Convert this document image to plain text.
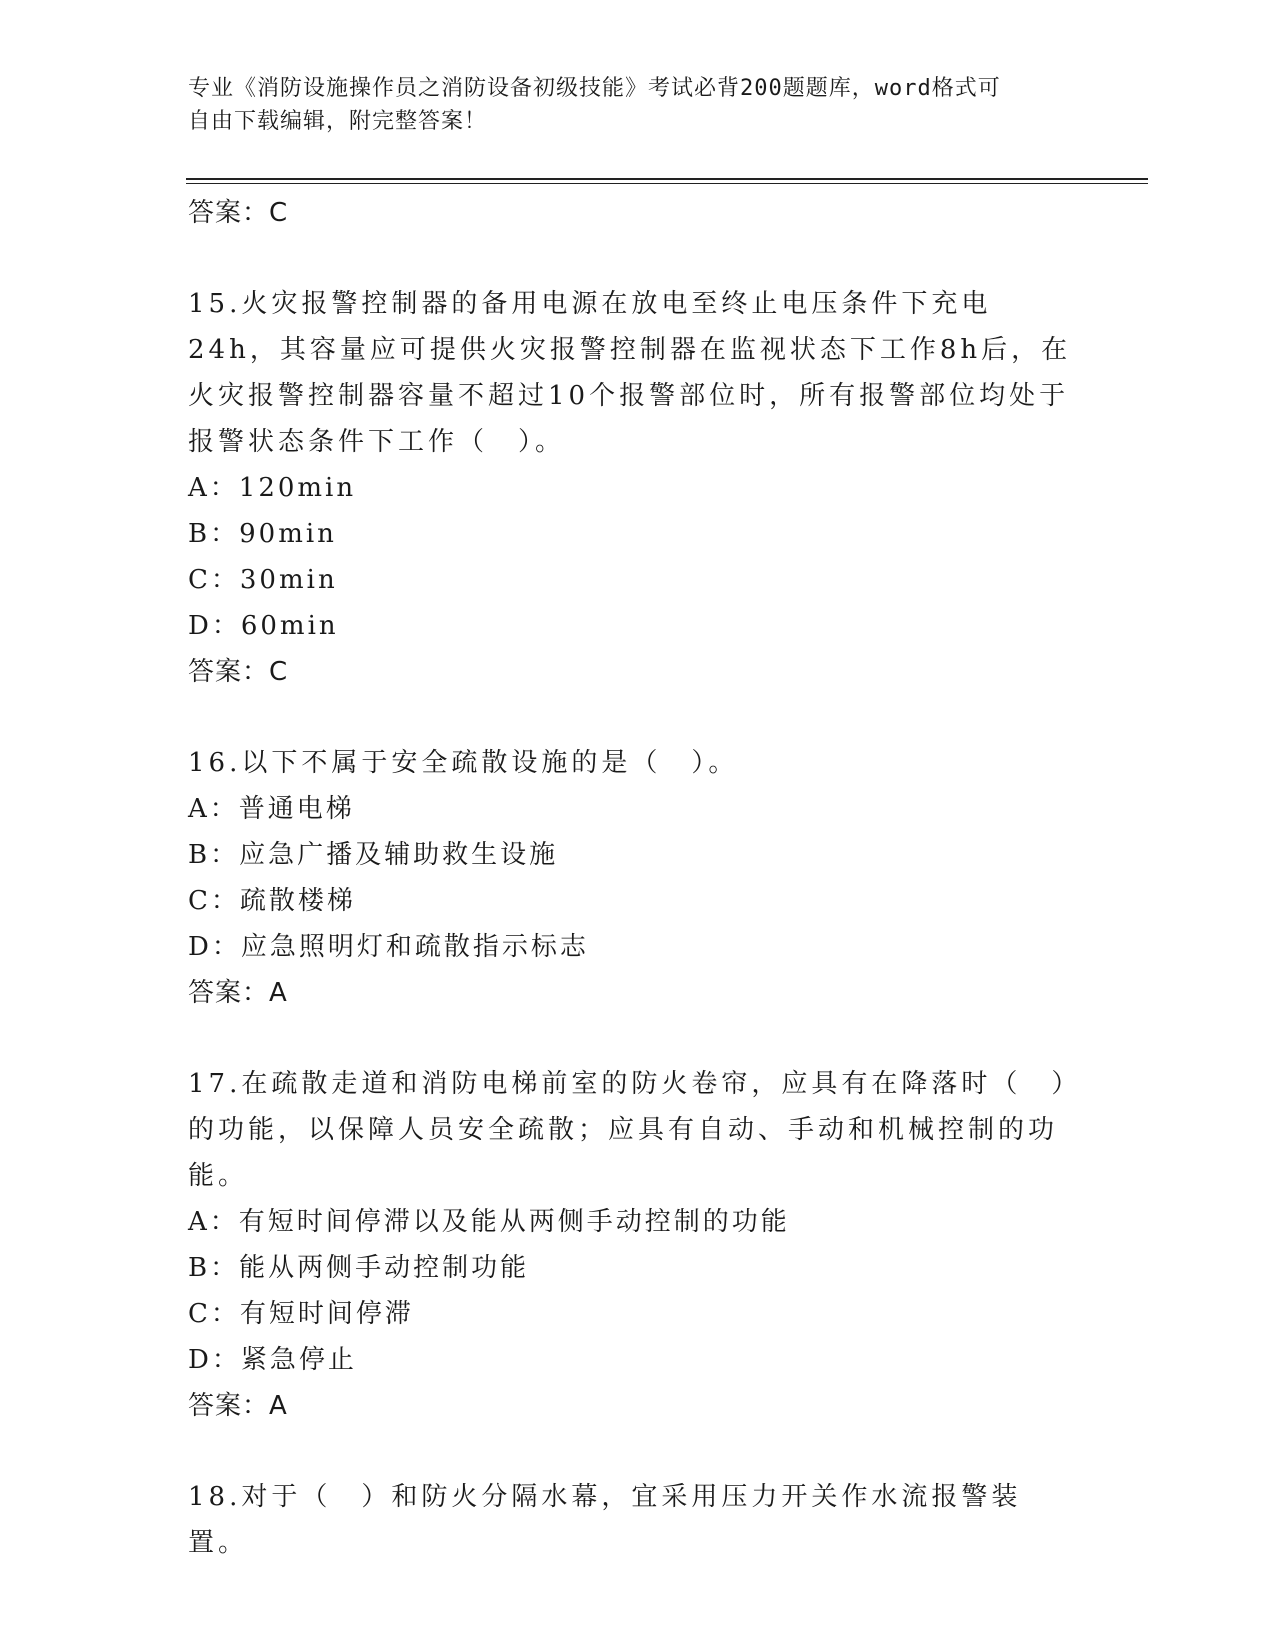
专业《消防设施操作员之消防设备初级技能》考试必背200题题库，word格式可
自由下载编辑，附完整答案！
答案：C
15.火灾报警控制器的备用电源在放电至终止电压条件下充电24h，其容量应可提供火灾报警控制器在监视状态下工作8h后，在火灾报警控制器容量不超过10个报警部位时，所有报警部位均处于报警状态条件下工作（　）。
A：120min
B：90min
C：30min
D：60min
答案：C
16.以下不属于安全疏散设施的是（　）。
A：普通电梯
B：应急广播及辅助救生设施
C：疏散楼梯
D：应急照明灯和疏散指示标志
答案：A
17.在疏散走道和消防电梯前室的防火卷帘，应具有在降落时（　）的功能，以保障人员安全疏散；应具有自动、手动和机械控制的功能。
A：有短时间停滞以及能从两侧手动控制的功能
B：能从两侧手动控制功能
C：有短时间停滞
D：紧急停止
答案：A
18.对于（　）和防火分隔水幕，宜采用压力开关作水流报警装置。
